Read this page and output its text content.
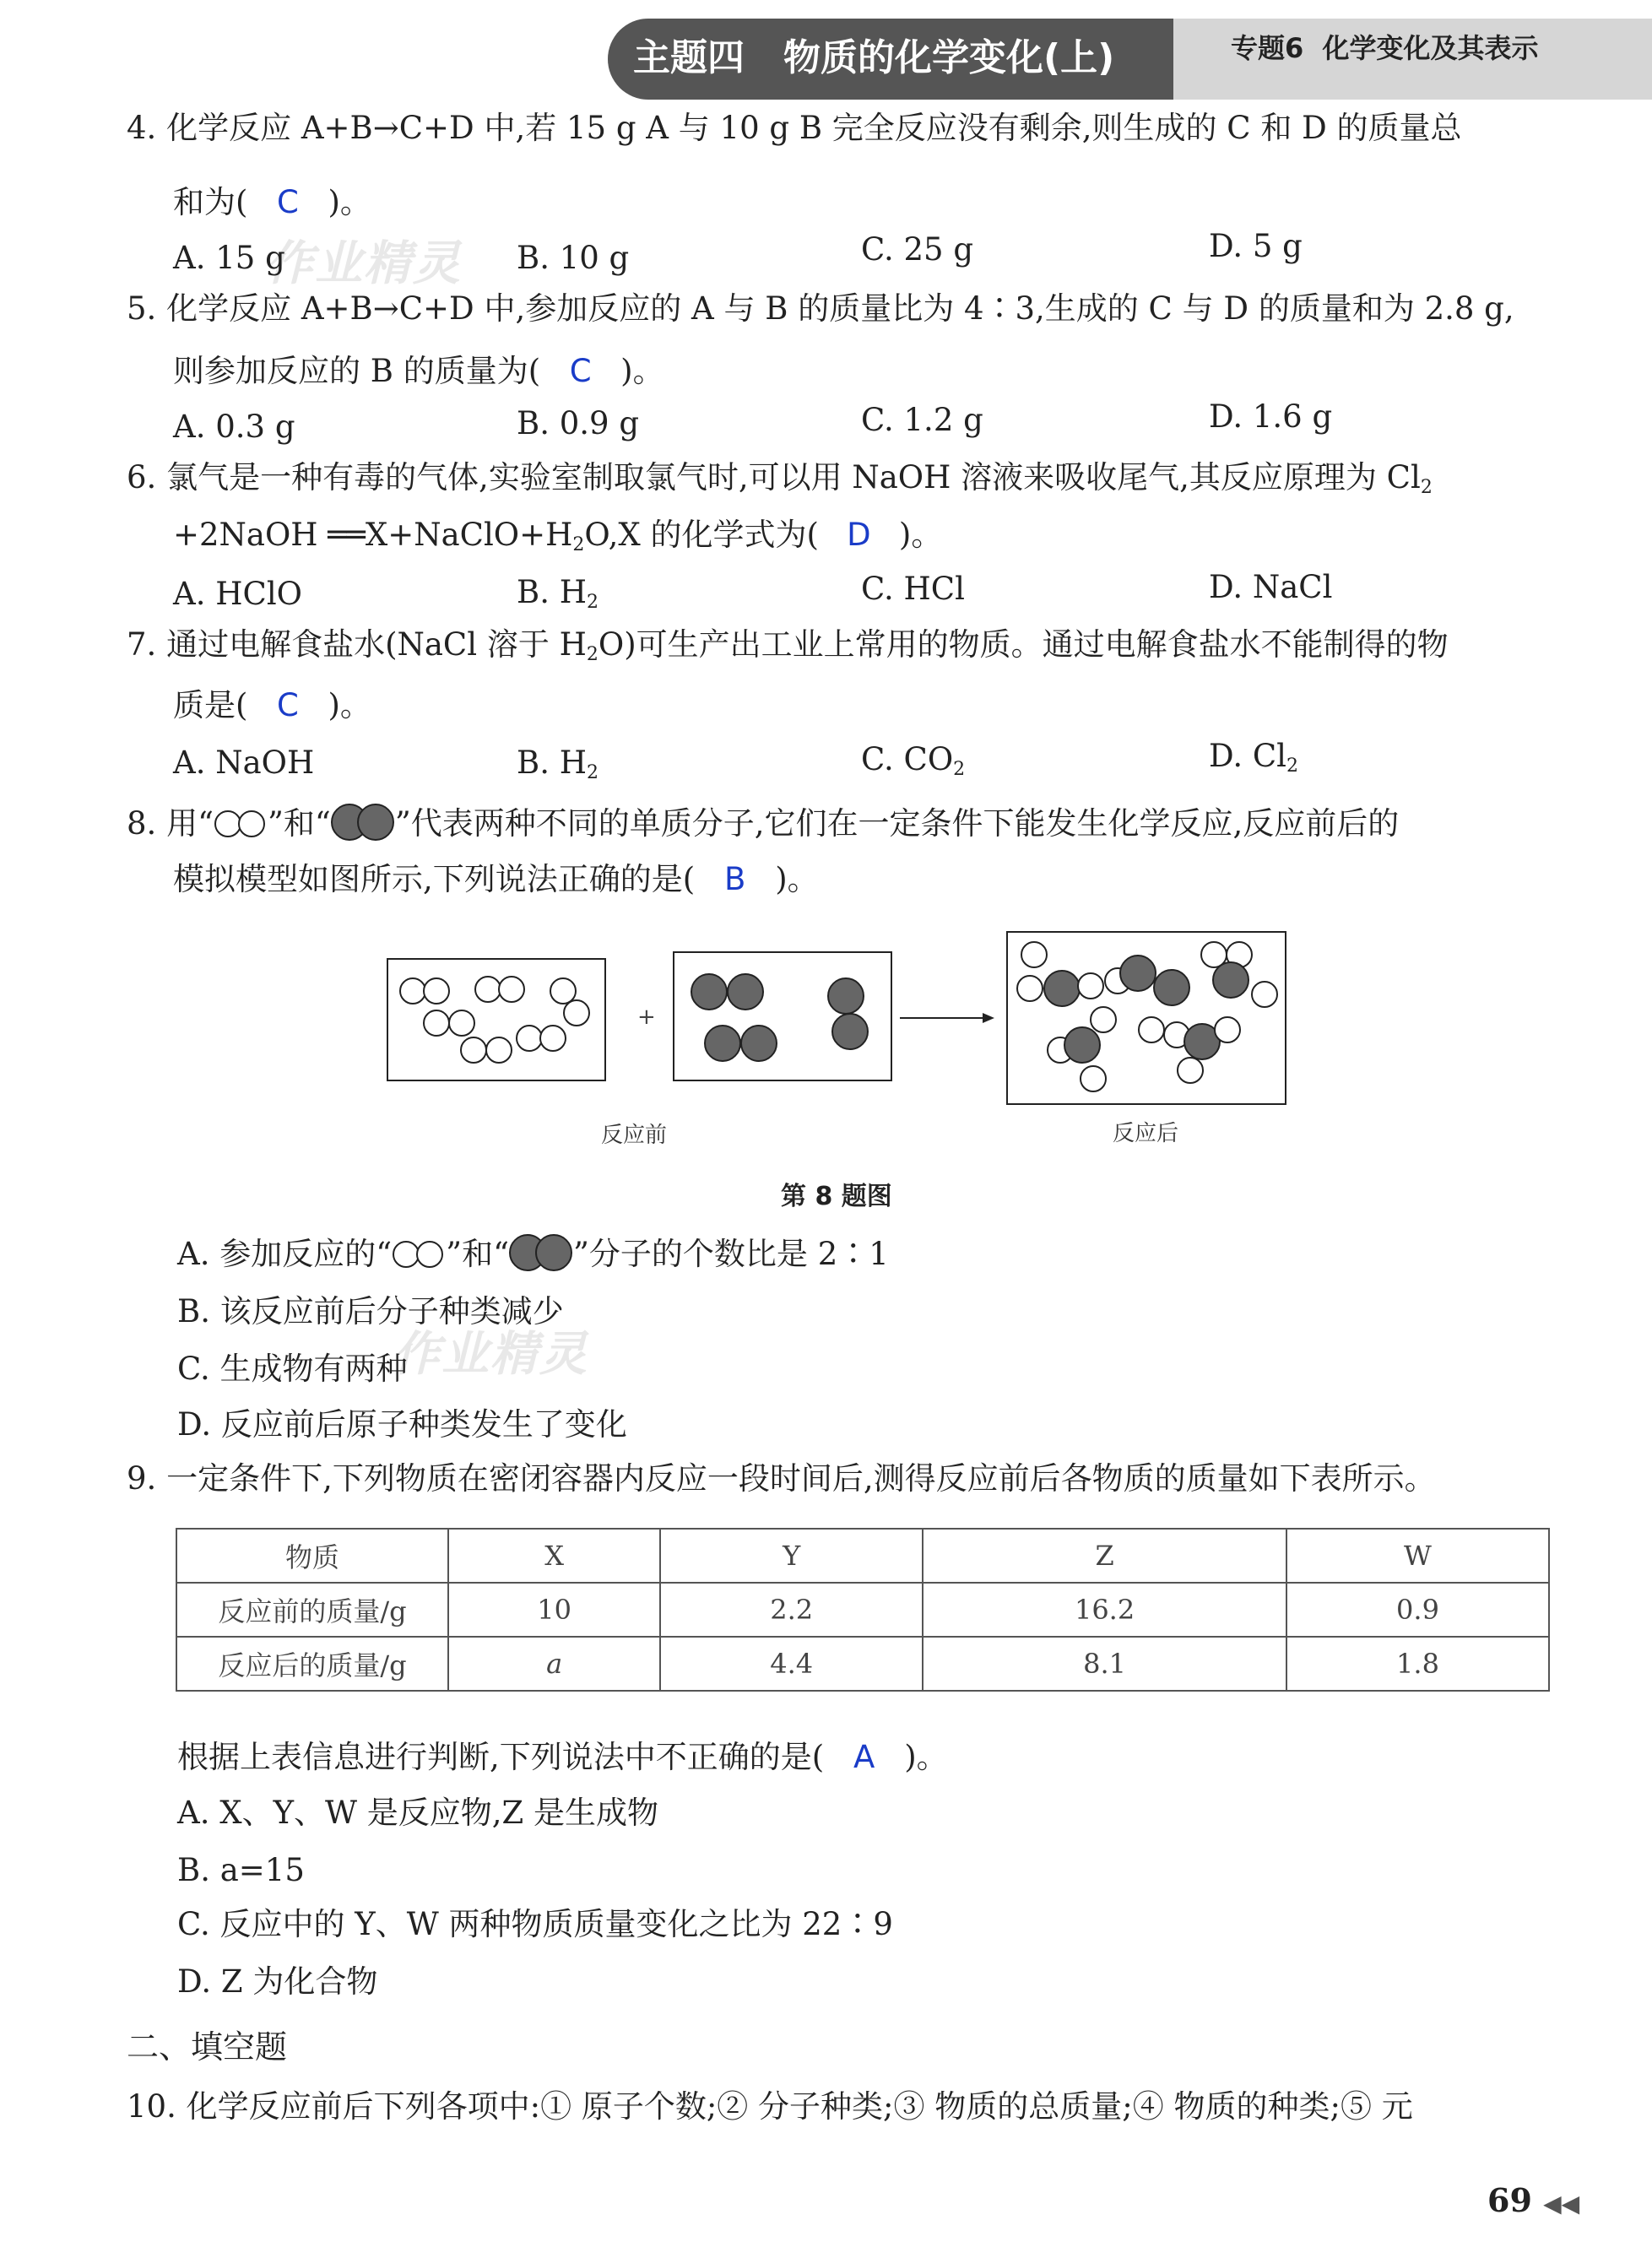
主题四   物质的化学变化(上)	专题6  化学变化及其表示
作业精灵
作业精灵
4. 化学反应 A+B→C+D 中,若 15 g A 与 10 g B 完全反应没有剩余,则生成的 C 和 D 的质量总
和为( C )。
A. 15 g	B. 10 g	C. 25 g	D. 5 g
5. 化学反应 A+B→C+D 中,参加反应的 A 与 B 的质量比为 4∶3,生成的 C 与 D 的质量和为 2.8 g,
则参加反应的 B 的质量为( C )。
A. 0.3 g	B. 0.9 g	C. 1.2 g	D. 1.6 g
6. 氯气是一种有毒的气体,实验室制取氯气时,可以用 NaOH 溶液来吸收尾气,其反应原理为 $Cl_2$
+2NaOH $══X+NaClO+H_2O,X$ 的化学式为( D )。
A. HClO	B. $H_2$	C. HCl	D. NaCl
7. 通过电解食盐水(NaCl 溶于 $H_2O$)可生产出工业上常用的物质。通过电解食盐水不能制得的物
质是( C )。
A. NaOH	B. $H_2$	C. $CO_2$	D. $Cl_2$
8. 用“ ”和“ ”代表两种不同的单质分子,它们在一定条件下能发生化学反应,反应前后的
模拟模型如图所示,下列说法正确的是( B )。
+
反应前	反应后
第 8 题图
A. 参加反应的“ ”和“ ”分子的个数比是 2∶1
B. 该反应前后分子种类减少
C. 生成物有两种
D. 反应前后原子种类发生了变化
9. 一定条件下,下列物质在密闭容器内反应一段时间后,测得反应前后各物质的质量如下表所示。
物质	X	Y	Z	W
反应前的质量/g	10	2.2	16.2	0.9
反应后的质量/g	a	4.4	8.1	1.8
根据上表信息进行判断,下列说法中不正确的是( A )。
A. X、Y、W 是反应物,Z 是生成物
B. a=15
C. 反应中的 Y、W 两种物质质量变化之比为 22∶9
D. Z 为化合物
二、填空题
10. 化学反应前后下列各项中:① 原子个数;② 分子种类;③ 物质的总质量;④ 物质的种类;⑤ 元
69 ◀◀
